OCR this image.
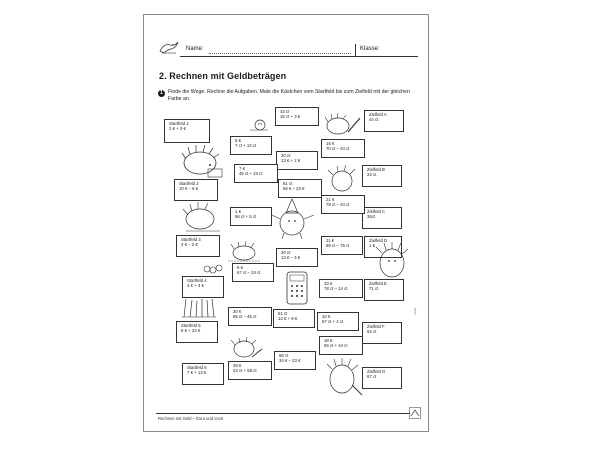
Name:	Klasse:
2. Rechnen mit Geldbeträgen
1 Finde die Wege. Rechne die Aufgaben. Male die Kästchen vom Startfeld bis zum Zielfeld mit der gleichen Farbe an.
Startfeld 1
2 € + 3 €
Startfeld 2
10 € – 6 €
Startfeld 3
3 € – 2 €
Startfeld 4
4 € + 3 €
Startfeld 5
5 € + 23 €
Startfeld 6
7 € + 13 €
Zielfeld A
44 ct
Zielfeld B
23 ct
Zielfeld C
36ct
Zielfeld D
1 €
Zielfeld E
71 ct
Zielfeld F
64 ct
Zielfeld G
67 ct
43 ct
15 ct + 3 €
5 €
7 ct + 13 ct
20 ct
13 € + 2 €
15 €
70 ct – 34 ct
7 €
45 ct + 23 ct
81 ct
56 € – 23 €
21 €
78 ct – 34 ct
1 €
56 ct + 5 ct
11 €
99 ct – 76 ct
20 ct
13 € – 3 €
6 €
67 ct – 24 ct
33 €
78 ct – 14 ct
20 €
65 ct – 45 ct
61 ct
13 € + 8 €	10 €
67 ct + 4 ct
18 €
56 ct + 44 ct
68 ct
34 € – 23 €
28 €
23 ct + 58 ct
Rechnen mit Geld – Euro und Cent
Verlag
